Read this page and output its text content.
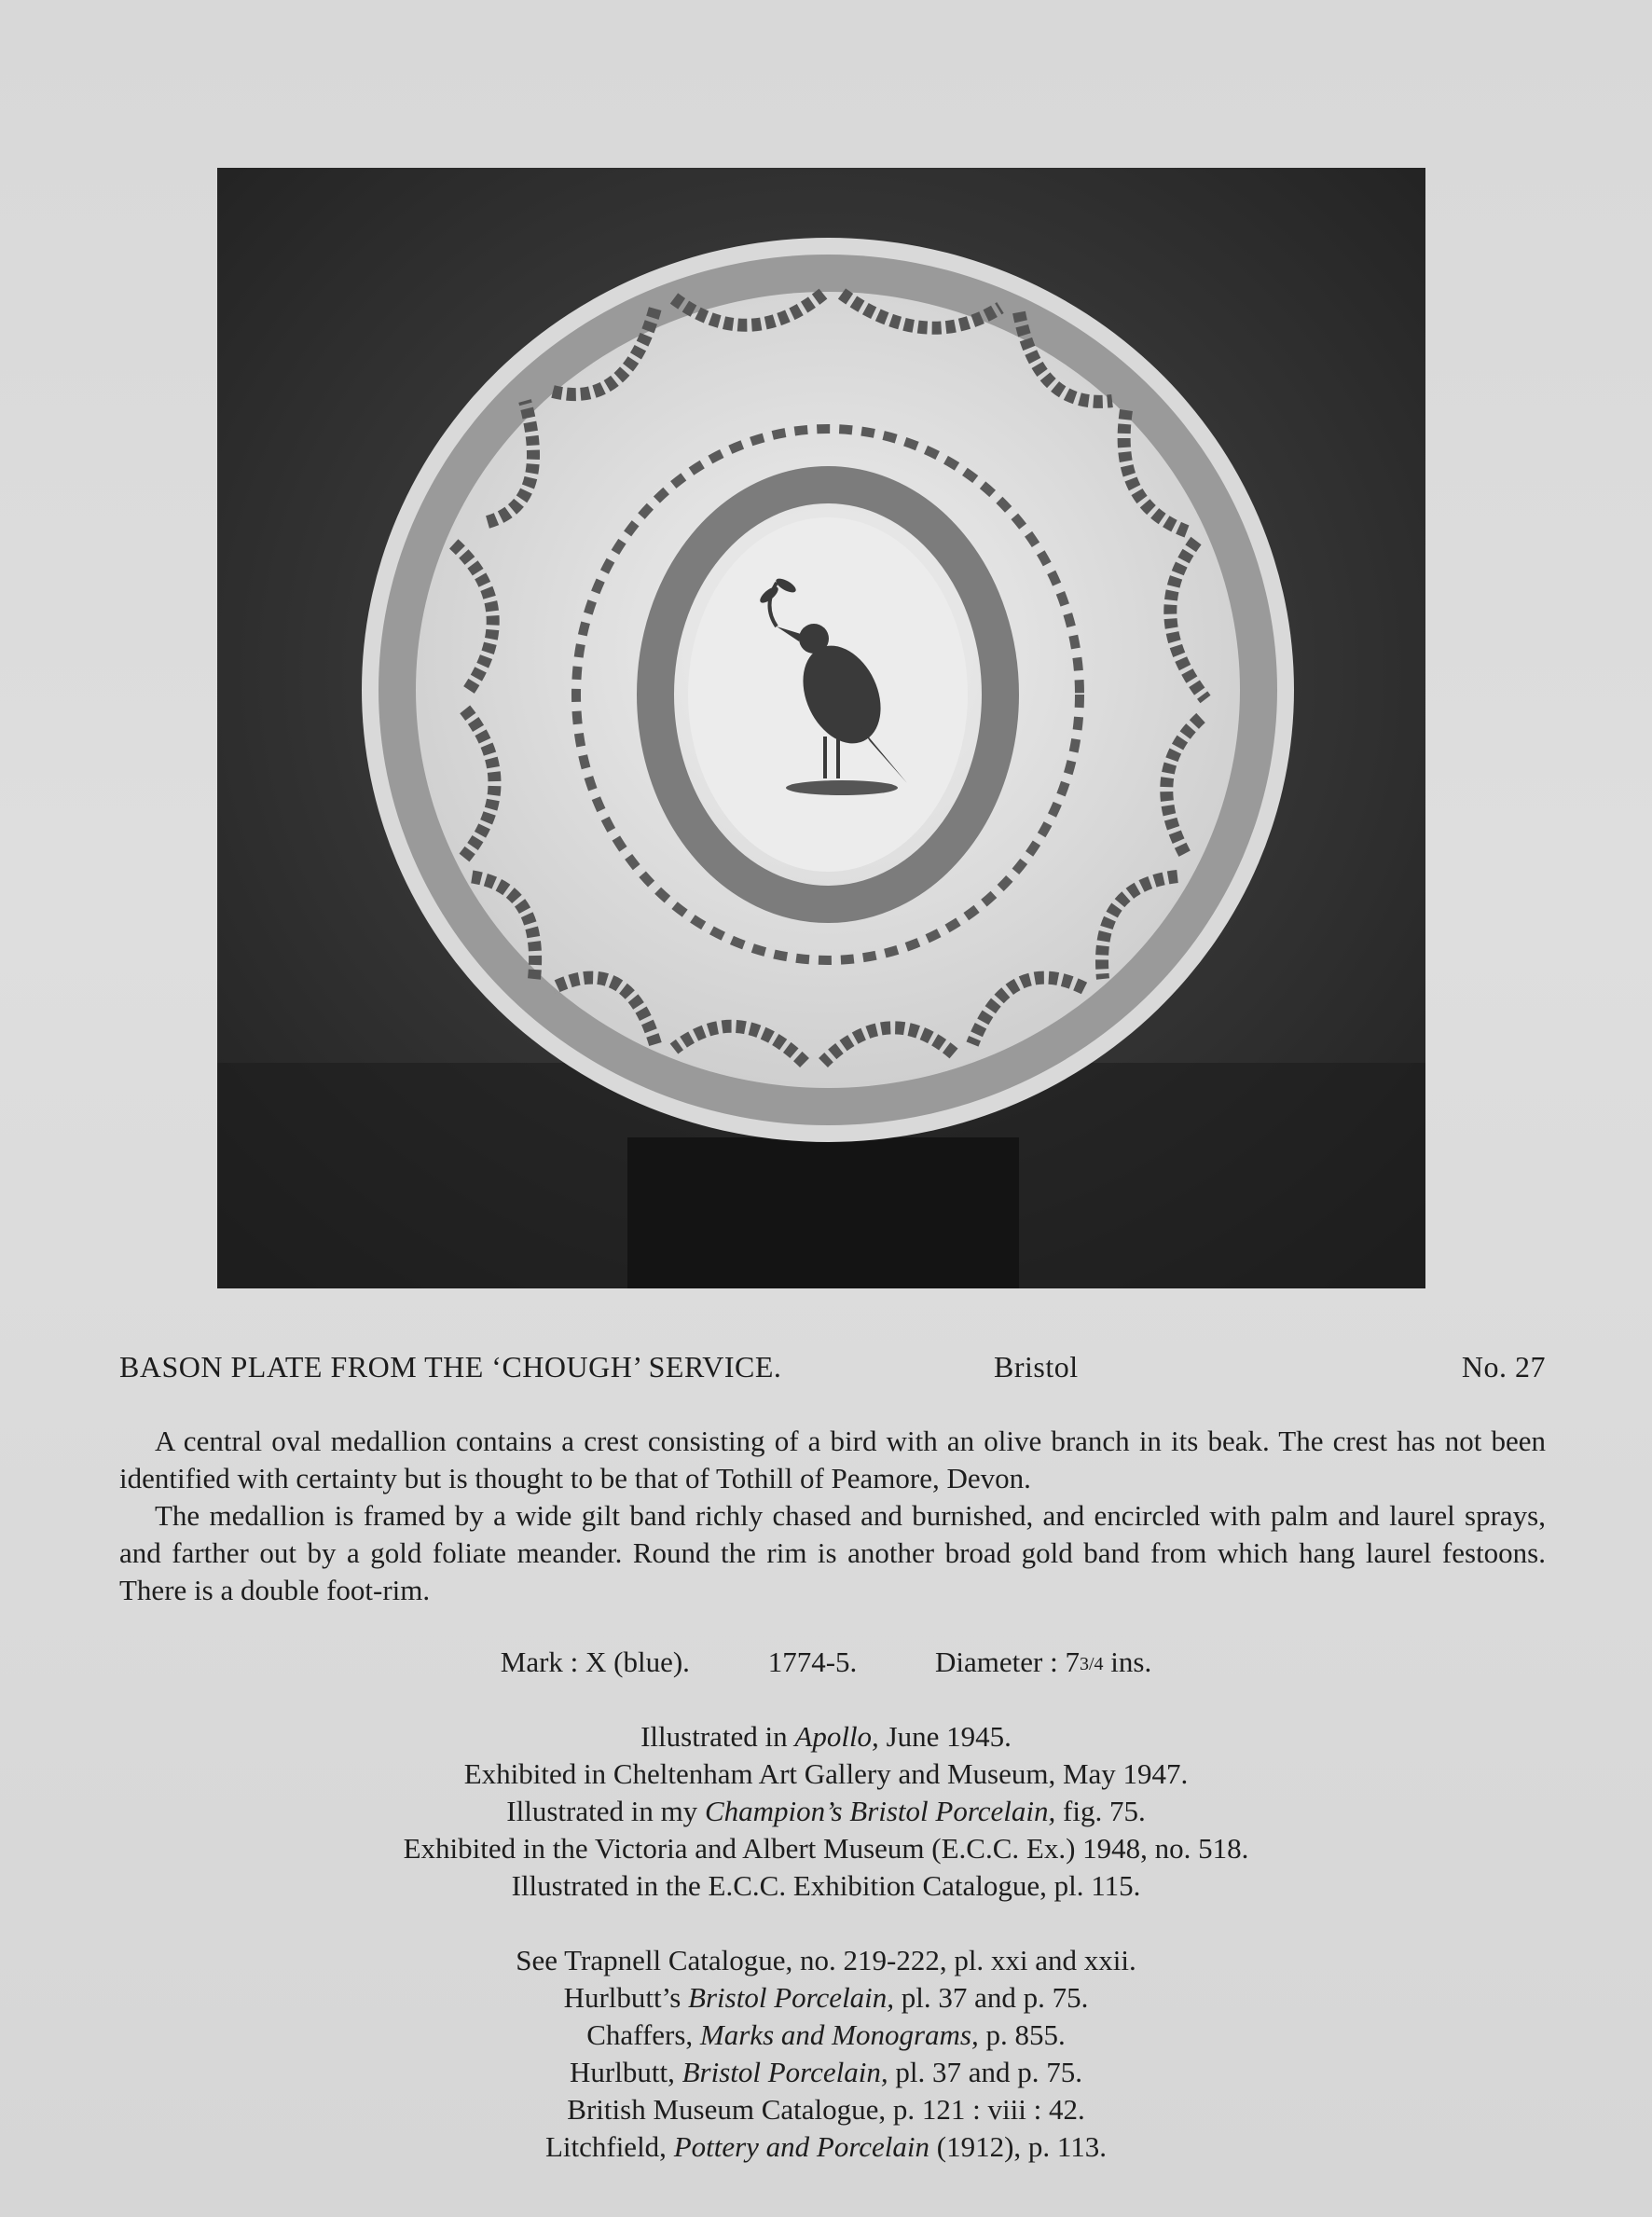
BASON PLATE FROM THE ‘CHOUGH’ SERVICE.	Bristol	No. 27

A central oval medallion contains a crest consisting of a bird with an olive branch in its beak. The crest has not been identified with certainty but is thought to be that of Tothill of Peamore, Devon.

The medallion is framed by a wide gilt band richly chased and burnished, and encircled with palm and laurel sprays, and farther out by a gold foliate meander. Round the rim is another broad gold band from which hang laurel festoons. There is a double foot-rim.

Mark : X (blue).	1774-5.	Diameter : 73/4 ins.
Illustrated in Apollo, June 1945.
Exhibited in Cheltenham Art Gallery and Museum, May 1947.
Illustrated in my Champion’s Bristol Porcelain, fig. 75.
Exhibited in the Victoria and Albert Museum (E.C.C. Ex.) 1948, no. 518.
Illustrated in the E.C.C. Exhibition Catalogue, pl. 115.
See Trapnell Catalogue, no. 219-222, pl. xxi and xxii.
Hurlbutt’s Bristol Porcelain, pl. 37 and p. 75.
Chaffers, Marks and Monograms, p. 855.
Hurlbutt, Bristol Porcelain, pl. 37 and p. 75.
British Museum Catalogue, p. 121 : viii : 42.
Litchfield, Pottery and Porcelain (1912), p. 113.
